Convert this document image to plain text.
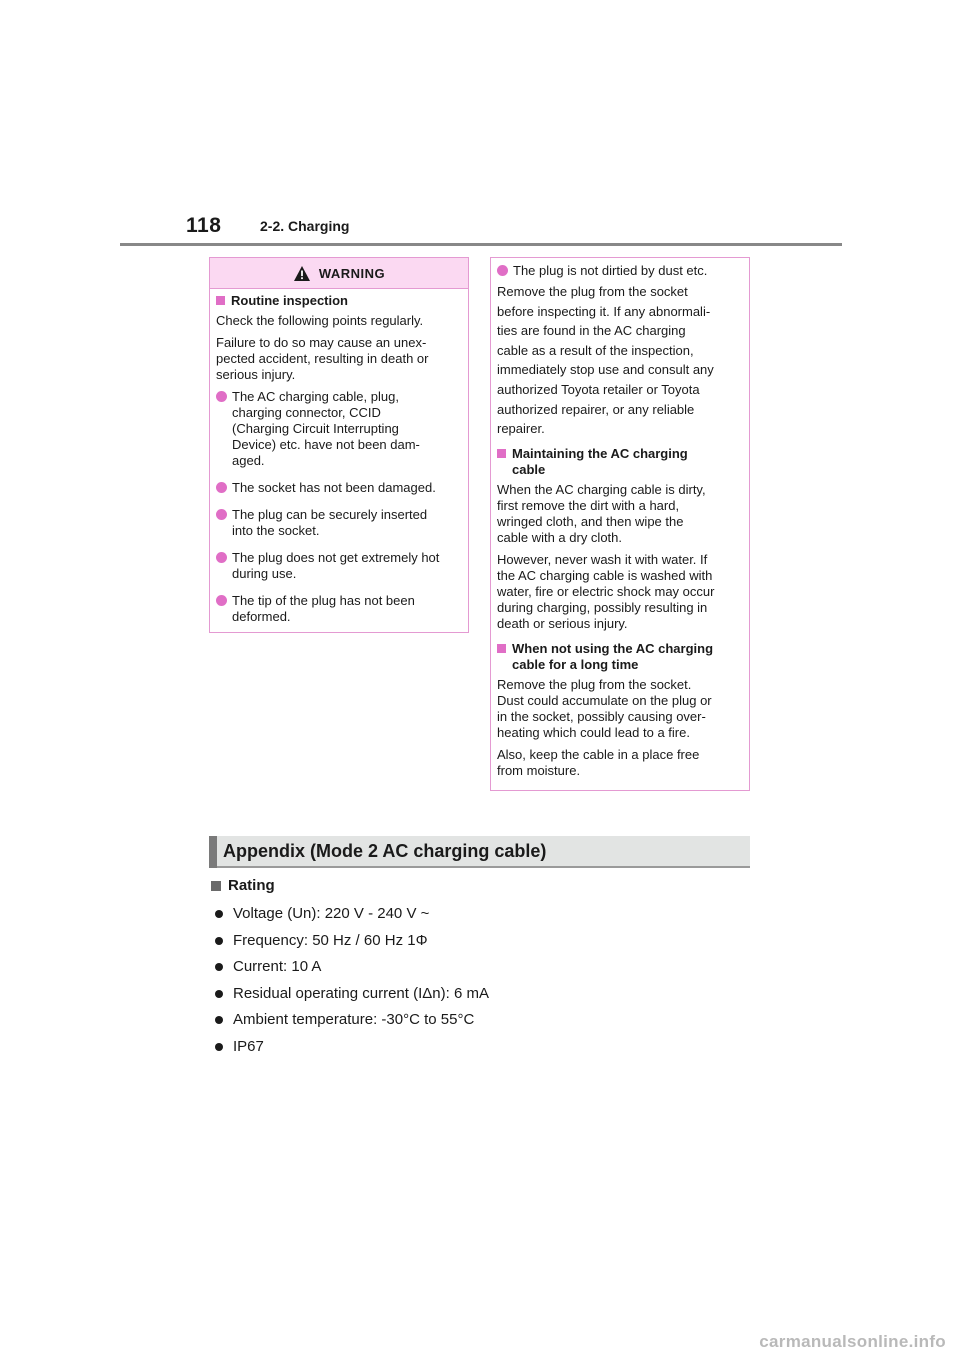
118	2-2. Charging
WARNING
Routine inspection
Check the following points regularly.
Failure to do so may cause an unex-
pected accident, resulting in death or
serious injury.
The AC charging cable, plug,
charging connector, CCID
(Charging Circuit Interrupting
Device) etc. have not been dam-
aged.
The socket has not been damaged.
The plug can be securely inserted
into the socket.
The plug does not get extremely hot
during use.
The tip of the plug has not been
deformed.
The plug is not dirtied by dust etc.
Remove the plug from the socket
before inspecting it. If any abnormali-
ties are found in the AC charging
cable as a result of the inspection,
immediately stop use and consult any
authorized Toyota retailer or Toyota
authorized repairer, or any reliable
repairer.
Maintaining the AC charging
cable
When the AC charging cable is dirty,
first remove the dirt with a hard,
wringed cloth, and then wipe the
cable with a dry cloth.
However, never wash it with water. If
the AC charging cable is washed with
water, fire or electric shock may occur
during charging, possibly resulting in
death or serious injury.
When not using the AC charging
cable for a long time
Remove the plug from the socket.
Dust could accumulate on the plug or
in the socket, possibly causing over-
heating which could lead to a fire.
Also, keep the cable in a place free
from moisture.
Appendix (Mode 2 AC charging cable)
Rating
Voltage (Un): 220 V - 240 V ~
Frequency: 50 Hz / 60 Hz 1Φ
Current: 10 A
Residual operating current (IΔn): 6 mA
Ambient temperature: -30°C to 55°C
IP67
carmanualsonline.info
